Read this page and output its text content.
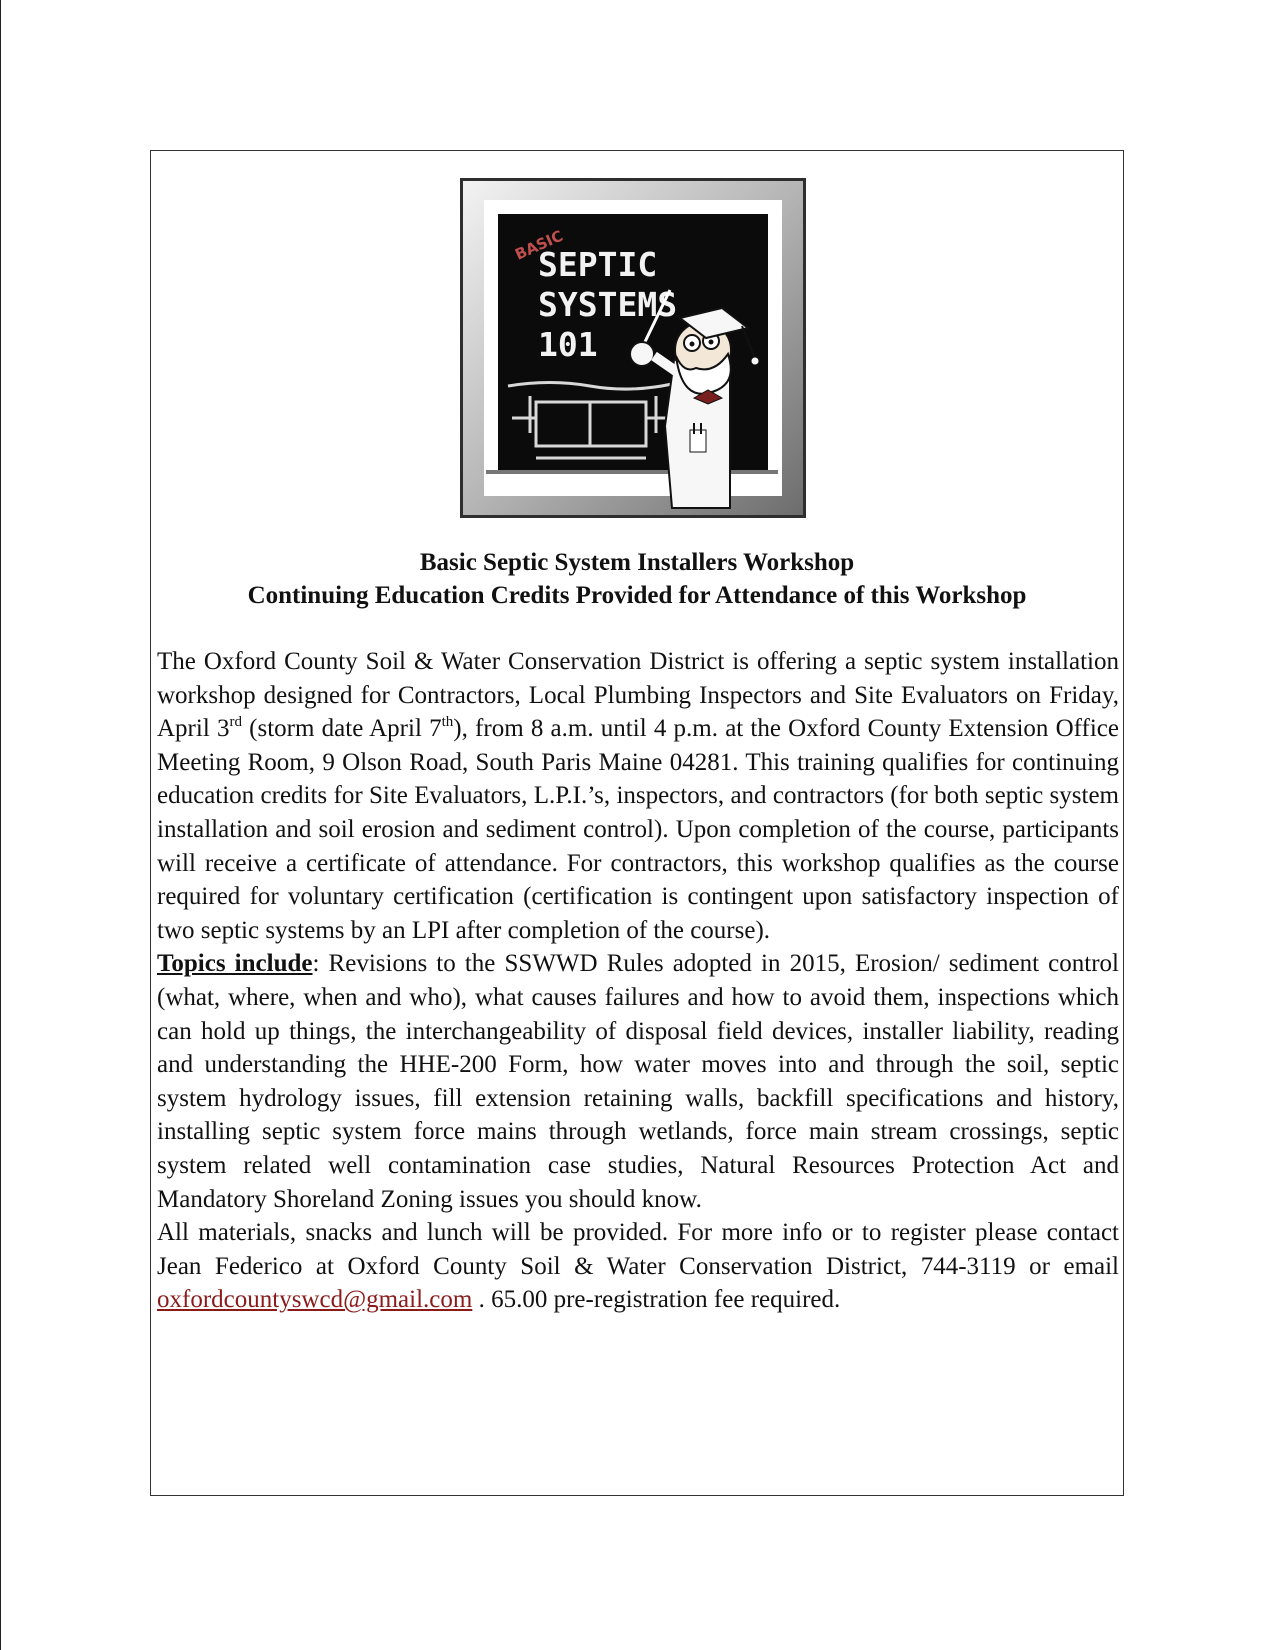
BASIC
SEPTIC
SYSTEMS
101
Basic Septic System Installers Workshop
Continuing Education Credits Provided for Attendance of this Workshop

The Oxford County Soil & Water Conservation District is offering a septic system installation workshop designed for Contractors, Local Plumbing Inspectors and Site Evaluators on Friday, April 3rd (storm date April 7th), from 8 a.m. until 4 p.m. at the Oxford County Extension Office Meeting Room, 9 Olson Road, South Paris Maine 04281. This training qualifies for continuing education credits for Site Evaluators, L.P.I.’s, inspectors, and contractors (for both septic system installation and soil erosion and sediment control). Upon completion of the course, participants will receive a certificate of attendance. For contractors, this workshop qualifies as the course required for voluntary certification (certification is contingent upon satisfactory inspection of two septic systems by an LPI after completion of the course).

Topics include: Revisions to the SSWWD Rules adopted in 2015, Erosion/ sediment control (what, where, when and who), what causes failures and how to avoid them, inspections which can hold up things, the interchangeability of disposal field devices, installer liability, reading and understanding the HHE-200 Form, how water moves into and through the soil, septic system hydrology issues, fill extension retaining walls, backfill specifications and history, installing septic system force mains through wetlands, force main stream crossings, septic system related well contamination case studies, Natural Resources Protection Act and Mandatory Shoreland Zoning issues you should know.

All materials, snacks and lunch will be provided. For more info or to register please contact Jean Federico at Oxford County Soil & Water Conservation District, 744-3119 or email oxfordcountyswcd@gmail.com . 65.00 pre-registration fee required.
